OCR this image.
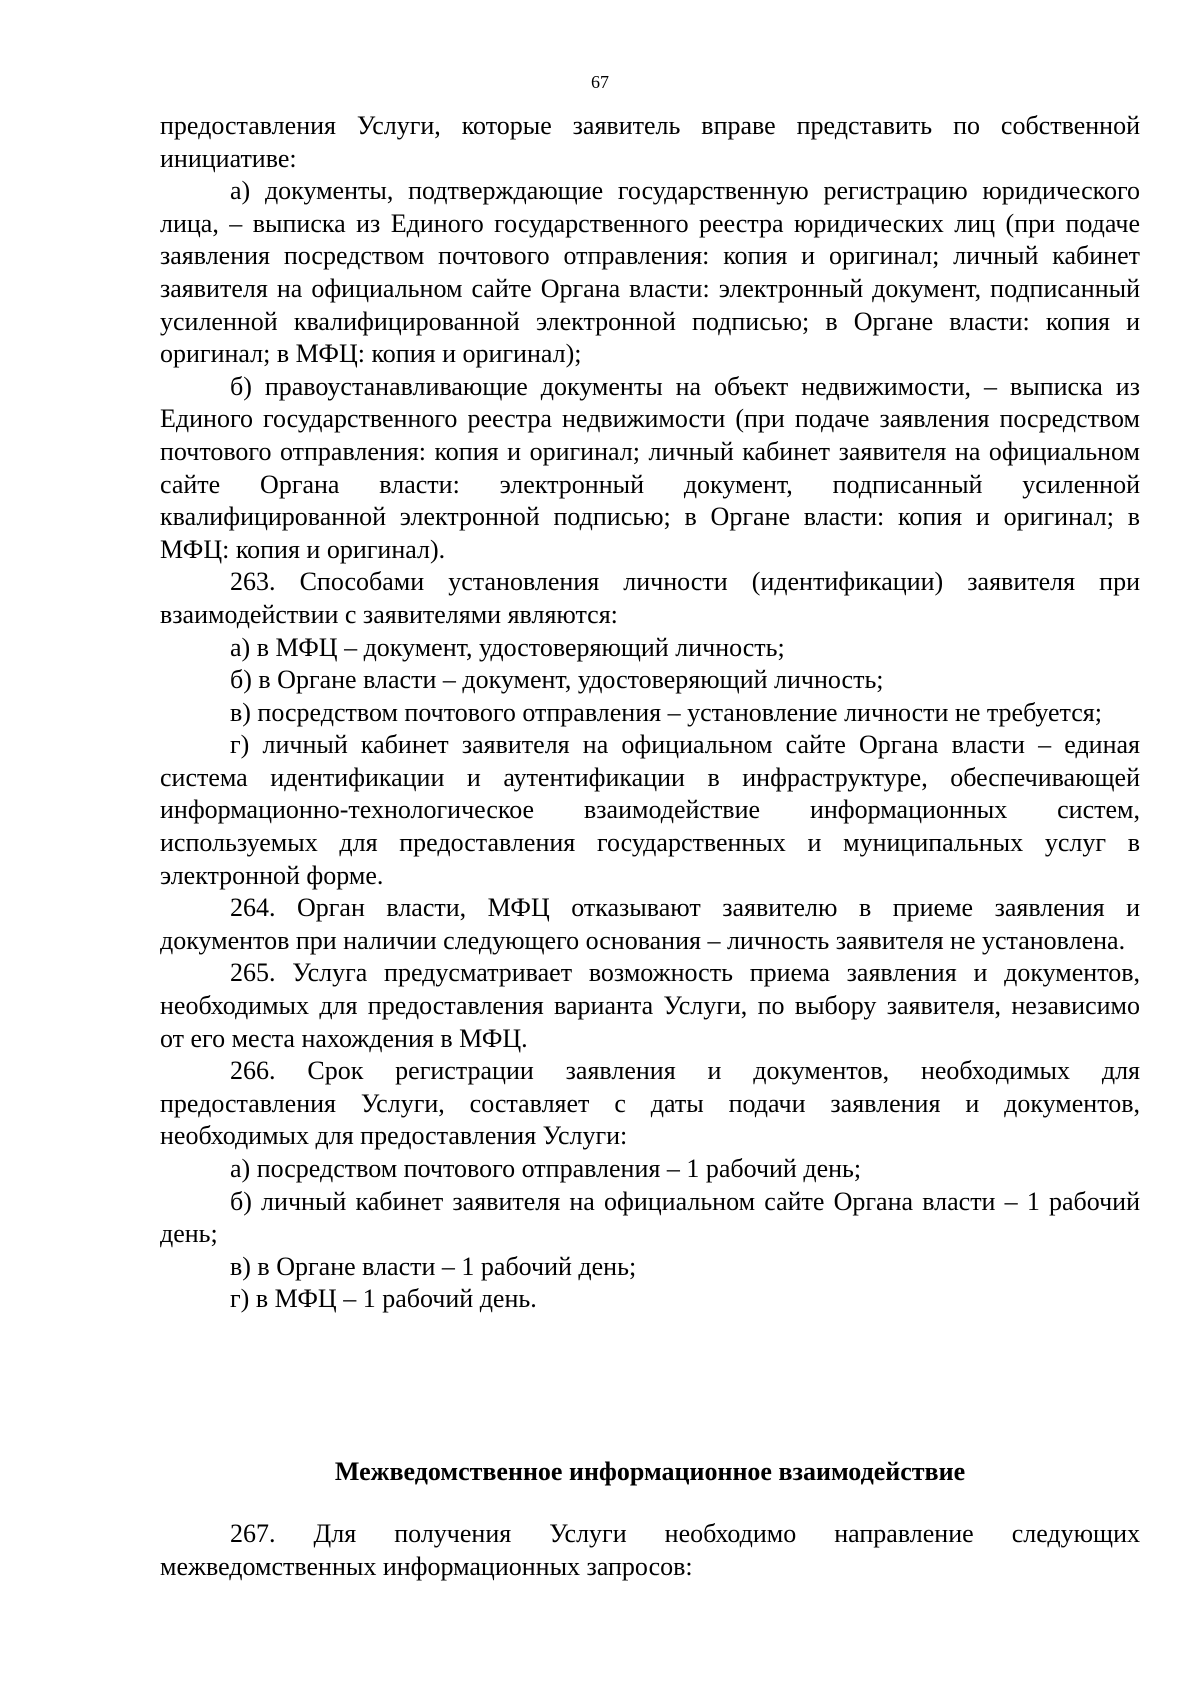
67

предоставления Услуги, которые заявитель вправе представить по собственной инициативе:

а) документы, подтверждающие государственную регистрацию юридического лица, – выписка из Единого государственного реестра юридических лиц (при подаче заявления посредством почтового отправления: копия и оригинал; личный кабинет заявителя на официальном сайте Органа власти: электронный документ, подписанный усиленной квалифицированной электронной подписью; в Органе власти: копия и оригинал; в МФЦ: копия и оригинал);

б) правоустанавливающие документы на объект недвижимости, – выписка из Единого государственного реестра недвижимости (при подаче заявления посредством почтового отправления: копия и оригинал; личный кабинет заявителя на официальном сайте Органа власти: электронный документ, подписанный усиленной квалифицированной электронной подписью; в Органе власти: копия и оригинал; в МФЦ: копия и оригинал).

263. Способами установления личности (идентификации) заявителя при взаимодействии с заявителями являются:

а) в МФЦ – документ, удостоверяющий личность;

б) в Органе власти – документ, удостоверяющий личность;

в) посредством почтового отправления – установление личности не требуется;

г) личный кабинет заявителя на официальном сайте Органа власти – единая система идентификации и аутентификации в инфраструктуре, обеспечивающей информационно-технологическое взаимодействие информационных систем, используемых для предоставления государственных и муниципальных услуг в электронной форме.

264. Орган власти, МФЦ отказывают заявителю в приеме заявления и документов при наличии следующего основания – личность заявителя не установлена.

265. Услуга предусматривает возможность приема заявления и документов, необходимых для предоставления варианта Услуги, по выбору заявителя, независимо от его места нахождения в МФЦ.

266. Срок регистрации заявления и документов, необходимых для предоставления Услуги, составляет с даты подачи заявления и документов, необходимых для предоставления Услуги:

а) посредством почтового отправления – 1 рабочий день;

б) личный кабинет заявителя на официальном сайте Органа власти – 1 рабочий день;

в) в Органе власти – 1 рабочий день;

г) в МФЦ – 1 рабочий день.

Межведомственное информационное взаимодействие

267. Для получения Услуги необходимо направление следующих межведомственных информационных запросов:
